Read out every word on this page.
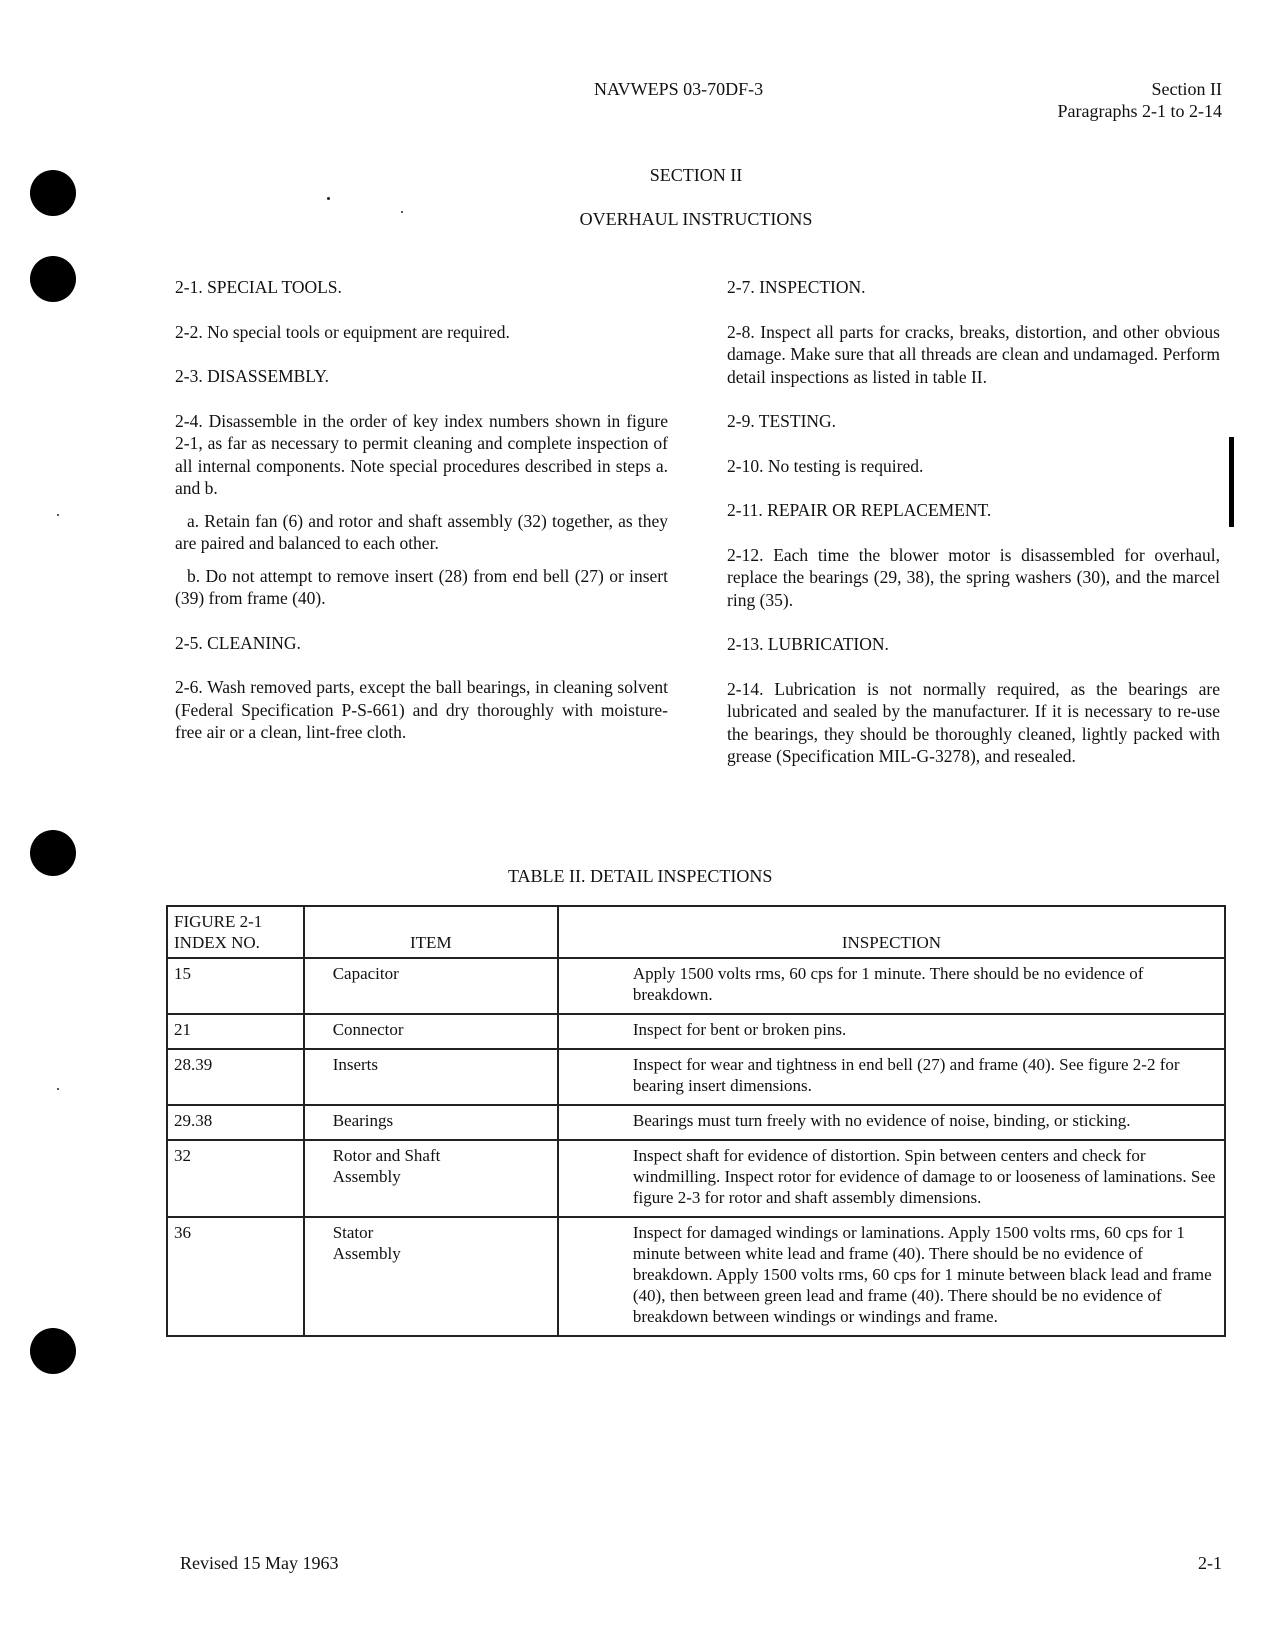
NAVWEPS 03-70DF-3	Section II
Paragraphs 2-1 to 2-14
SECTION II
OVERHAUL INSTRUCTIONS

2-1. SPECIAL TOOLS.

2-2. No special tools or equipment are required.

2-3. DISASSEMBLY.

2-4. Disassemble in the order of key index numbers shown in figure 2-1, as far as necessary to permit cleaning and complete inspection of all internal components. Note special procedures described in steps a. and b.

a. Retain fan (6) and rotor and shaft assembly (32) together, as they are paired and balanced to each other.

b. Do not attempt to remove insert (28) from end bell (27) or insert (39) from frame (40).

2-5. CLEANING.

2-6. Wash removed parts, except the ball bearings, in cleaning solvent (Federal Specification P-S-661) and dry thoroughly with moisture-free air or a clean, lint-free cloth.

2-7. INSPECTION.

2-8. Inspect all parts for cracks, breaks, distortion, and other obvious damage. Make sure that all threads are clean and undamaged. Perform detail inspections as listed in table II.

2-9. TESTING.

2-10. No testing is required.

2-11. REPAIR OR REPLACEMENT.

2-12. Each time the blower motor is disassembled for overhaul, replace the bearings (29, 38), the spring washers (30), and the marcel ring (35).

2-13. LUBRICATION.

2-14. Lubrication is not normally required, as the bearings are lubricated and sealed by the manufacturer. If it is necessary to re-use the bearings, they should be thoroughly cleaned, lightly packed with grease (Specification MIL-G-3278), and resealed.

TABLE II. DETAIL INSPECTIONS
FIGURE 2-1
INDEX NO.	ITEM	INSPECTION
15	Capacitor	Apply 1500 volts rms, 60 cps for 1 minute. There should be no evidence of breakdown.

21	Connector	Inspect for bent or broken pins.

28.39	Inserts	Inspect for wear and tightness in end bell (27) and frame (40). See figure 2-2 for bearing insert dimensions.

29.38	Bearings	Bearings must turn freely with no evidence of noise, binding, or sticking.

32	Rotor and Shaft Assembly	Inspect shaft for evidence of distortion. Spin between centers and check for windmilling. Inspect rotor for evidence of damage to or looseness of laminations. See figure 2-3 for rotor and shaft assembly dimensions.

36	Stator Assembly	Inspect for damaged windings or laminations. Apply 1500 volts rms, 60 cps for 1 minute between white lead and frame (40). There should be no evidence of breakdown. Apply 1500 volts rms, 60 cps for 1 minute between black lead and frame (40), then between green lead and frame (40). There should be no evidence of breakdown between windings or windings and frame.
Revised 15 May 1963	2-1
